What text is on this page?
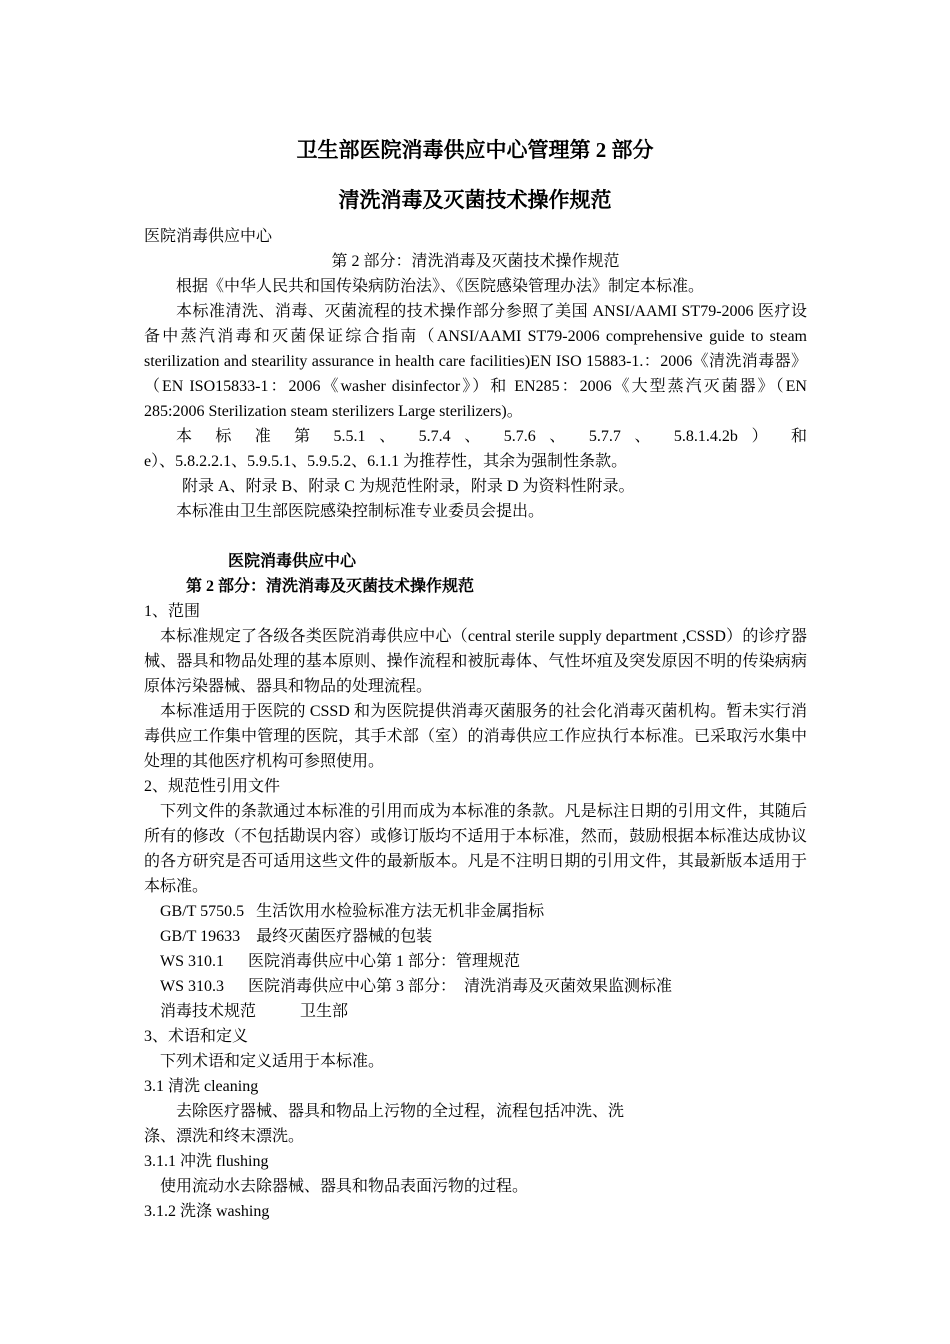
卫生部医院消毒供应中心管理第 2 部分
清洗消毒及灭菌技术操作规范

医院消毒供应中心

第 2 部分：清洗消毒及灭菌技术操作规范

根据《中华人民共和国传染病防治法》、《医院感染管理办法》制定本标准。

本标准清洗、消毒、灭菌流程的技术操作部分参照了美国 ANSI/AAMI ST79-2006 医疗设备中蒸汽消毒和灭菌保证综合指南（ANSI/AAMI ST79-2006 comprehensive guide to steam sterilization and stearility assurance in health care facilities)EN ISO 15883-1.：2006《清洗消毒器》（EN ISO15833-1：2006《washer disinfector》）和 EN285：2006《大型蒸汽灭菌器》（EN 285:2006 Sterilization steam sterilizers Large sterilizers)。

本 标 准 第 5.5.1 、 5.7.4 、 5.7.6 、 5.7.7 、 5.8.1.4.2b ） 和

e）、5.8.2.2.1、5.9.5.1、5.9.5.2、6.1.1 为推荐性，其余为强制性条款。

附录 A、附录 B、附录 C 为规范性附录，附录 D 为资料性附录。

本标准由卫生部医院感染控制标准专业委员会提出。

医院消毒供应中心

第 2 部分：清洗消毒及灭菌技术操作规范

1、范围

本标准规定了各级各类医院消毒供应中心（central sterile supply department ,CSSD）的诊疗器械、器具和物品处理的基本原则、操作流程和被朊毒体、气性坏疽及突发原因不明的传染病病原体污染器械、器具和物品的处理流程。

本标准适用于医院的 CSSD 和为医院提供消毒灭菌服务的社会化消毒灭菌机构。暂未实行消毒供应工作集中管理的医院，其手术部（室）的消毒供应工作应执行本标准。已采取污水集中处理的其他医疗机构可参照使用。

2、规范性引用文件

下列文件的条款通过本标准的引用而成为本标准的条款。凡是标注日期的引用文件，其随后所有的修改（不包括勘误内容）或修订版均不适用于本标准，然而，鼓励根据本标准达成协议的各方研究是否可适用这些文件的最新版本。凡是不注明日期的引用文件，其最新版本适用于本标准。

GB/T 5750.5   生活饮用水检验标准方法无机非金属指标

GB/T 19633    最终灭菌医疗器械的包装

WS 310.1      医院消毒供应中心第 1 部分：管理规范

WS 310.3      医院消毒供应中心第 3 部分：  清洗消毒及灭菌效果监测标准

消毒技术规范           卫生部

3、术语和定义

下列术语和定义适用于本标准。

3.1 清洗 cleaning

去除医疗器械、器具和物品上污物的全过程，流程包括冲洗、洗

涤、漂洗和终末漂洗。

3.1.1 冲洗 flushing

使用流动水去除器械、器具和物品表面污物的过程。

3.1.2 洗涤 washing
